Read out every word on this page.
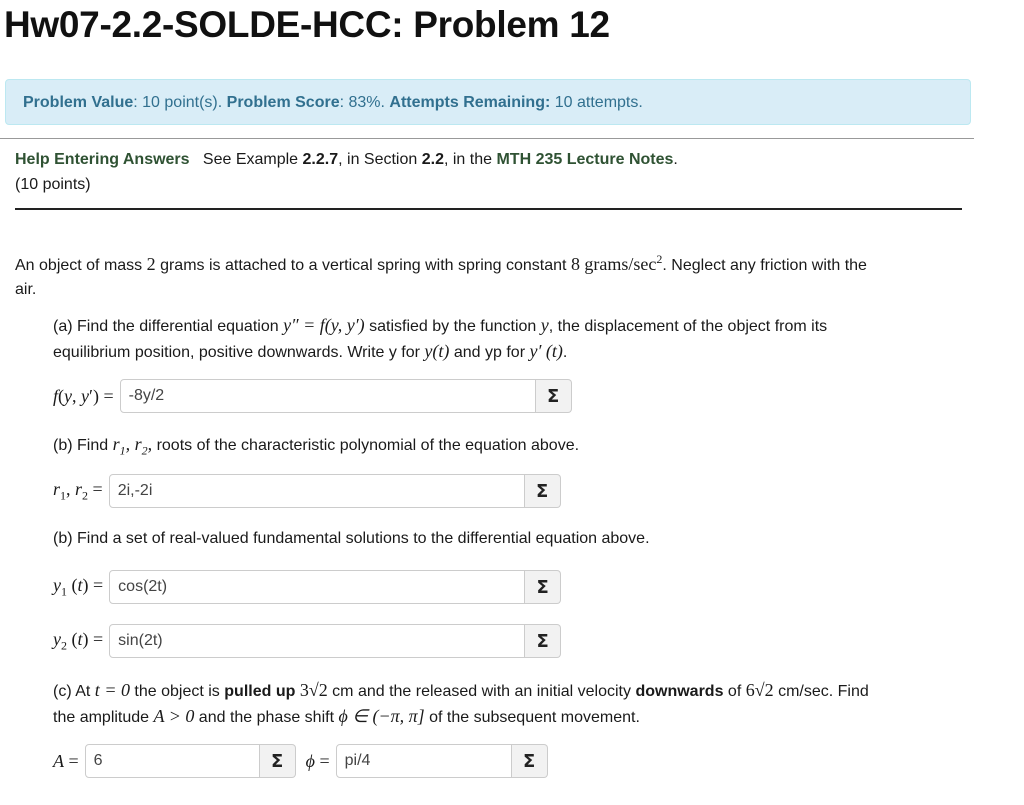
Hw07-2.2-SOLDE-HCC: Problem 12
Problem Value: 10 point(s). Problem Score: 83%. Attempts Remaining: 10 attempts.
Help Entering Answers See Example 2.2.7, in Section 2.2, in the MTH 235 Lecture Notes.
(10 points)
An object of mass 2 grams is attached to a vertical spring with spring constant 8 grams/$\sec^2$. Neglect any friction with the
air.
(a) Find the differential equation y″ = f(y, y′) satisfied by the function y, the displacement of the object from its
equilibrium position, positive downwards. Write y for y(t) and yp for y′ (t).
f(y, y′) =
-8y/2	Σ
(b) Find $r_1$, $r_2$, roots of the characteristic polynomial of the equation above.
$r_1$, $r_2$ =
2i,-2i	Σ
(b) Find a set of real-valued fundamental solutions to the differential equation above.
$y_1$ (t) =
cos(2t)	Σ
$y_2$ (t) =
sin(2t)	Σ
(c) At t = 0 the object is pulled up 3√2 cm and the released with an initial velocity downwards of 6√2 cm/sec. Find
the amplitude A > 0 and the phase shift ϕ ∈ (−π, π] of the subsequent movement.
A =
6	Σ	ϕ =
pi/4	Σ
